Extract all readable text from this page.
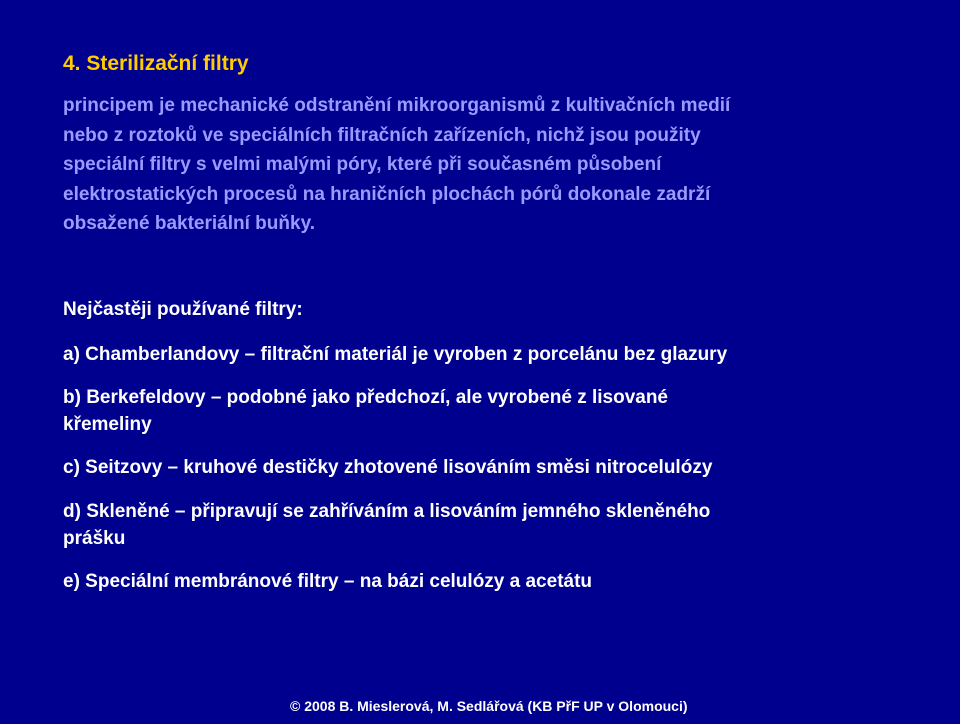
4. Sterilizační filtry

principem je mechanické odstranění mikroorganismů z kultivačních medií
nebo z roztoků ve speciálních filtračních zařízeních, nichž jsou použity
speciální filtry s velmi malými póry, které při současném působení
elektrostatických procesů na hraničních plochách pórů dokonale zadrží
obsažené bakteriální buňky.

Nejčastěji používané filtry:
a) Chamberlandovy – filtrační materiál je vyroben z porcelánu bez glazury
b) Berkefeldovy – podobné jako předchozí, ale vyrobené z lisované
křemeliny
c) Seitzovy – kruhové destičky zhotovené lisováním směsi nitrocelulózy
d) Skleněné – připravují se zahříváním a lisováním jemného skleněného
prášku
e) Speciální membránové filtry – na bázi celulózy a acetátu
© 2008 B. Mieslerová, M. Sedlářová (KB PřF UP v Olomouci)
